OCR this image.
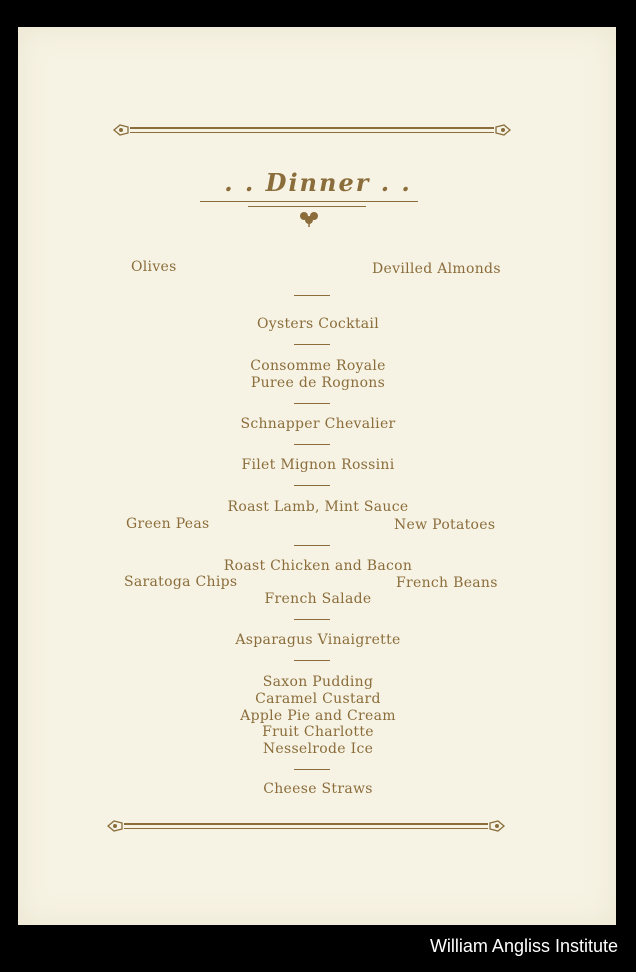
. . Dinner . .
Olives	Devilled Almonds
Oysters Cocktail
Consomme Royale
Puree de Rognons
Schnapper Chevalier
Filet Mignon Rossini
Roast Lamb, Mint Sauce
Green Peas	New Potatoes
Roast Chicken and Bacon
Saratoga Chips	French Beans
French Salade
Asparagus Vinaigrette
Saxon Pudding
Caramel Custard
Apple Pie and Cream
Fruit Charlotte
Nesselrode Ice
Cheese Straws
William Angliss Institute
